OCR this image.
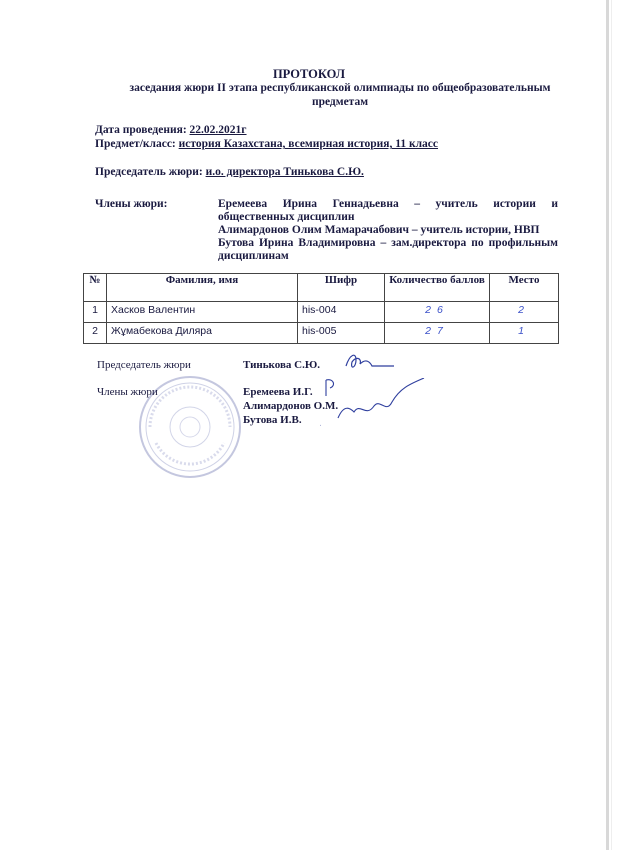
ПРОТОКОЛ
заседания жюри II этапа республиканской олимпиады по общеобразовательным предметам
Дата проведения: 22.02.2021г
Предмет/класс: история Казахстана, всемирная история, 11 класс
Председатель жюри: и.о. директора Тинькова С.Ю.
Члены жюри:	Еремеева Ирина Геннадьевна – учитель истории и
общественных дисциплин
Алимардонов Олим Мамарачабович – учитель истории, НВП
Бутова Ирина Владимировна – зам.директора по профильным
дисциплинам
№	Фамилия, имя	Шифр	Количество баллов	Место
1	Хасков Валентин	his-004	26	2
2	Жұмабекова Диляра	his-005	27	1
Председатель жюри	Тинькова С.Ю.
Члены жюри	Еремеева И.Г.
Алимардонов О.М.
Бутова И.В.
